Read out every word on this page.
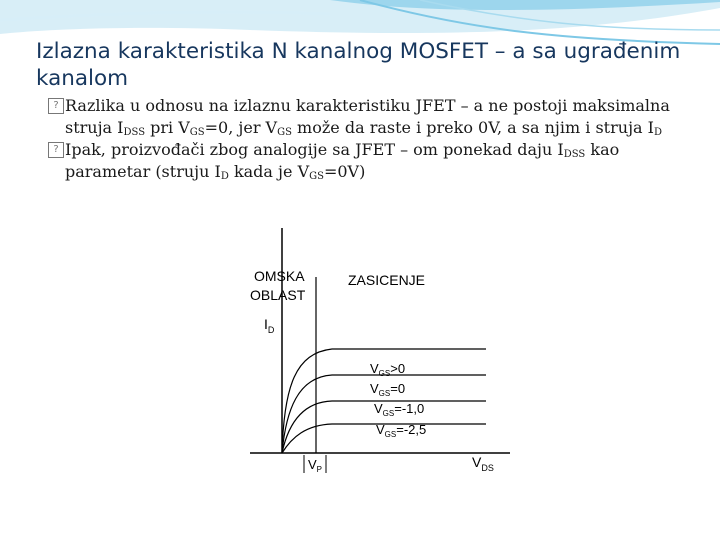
Izlazna karakteristika N kanalnog MOSFET – a sa ugrađenim kanalom
? Razlika u odnosu na izlaznu karakteristiku JFET – a ne postoji maksimalna struja $I_{DSS}$ pri $V_{GS}=0$, jer $V_{GS}$ može da raste i preko 0V, a sa njim i struja $I_D$
? Ipak, proizvođači zbog analogije sa JFET – om ponekad daju $I_{DSS}$ kao parametar (struju $I_D$ kada je $V_{GS}=0V$)
OMSKA
OBLAST
ZASICENJE
$I_D$
$V_{DS}$
$V_P$
$V_{GS}>0$
$V_{GS}=0$
$V_{GS}=-1,0$
$V_{GS}=-2,5$
